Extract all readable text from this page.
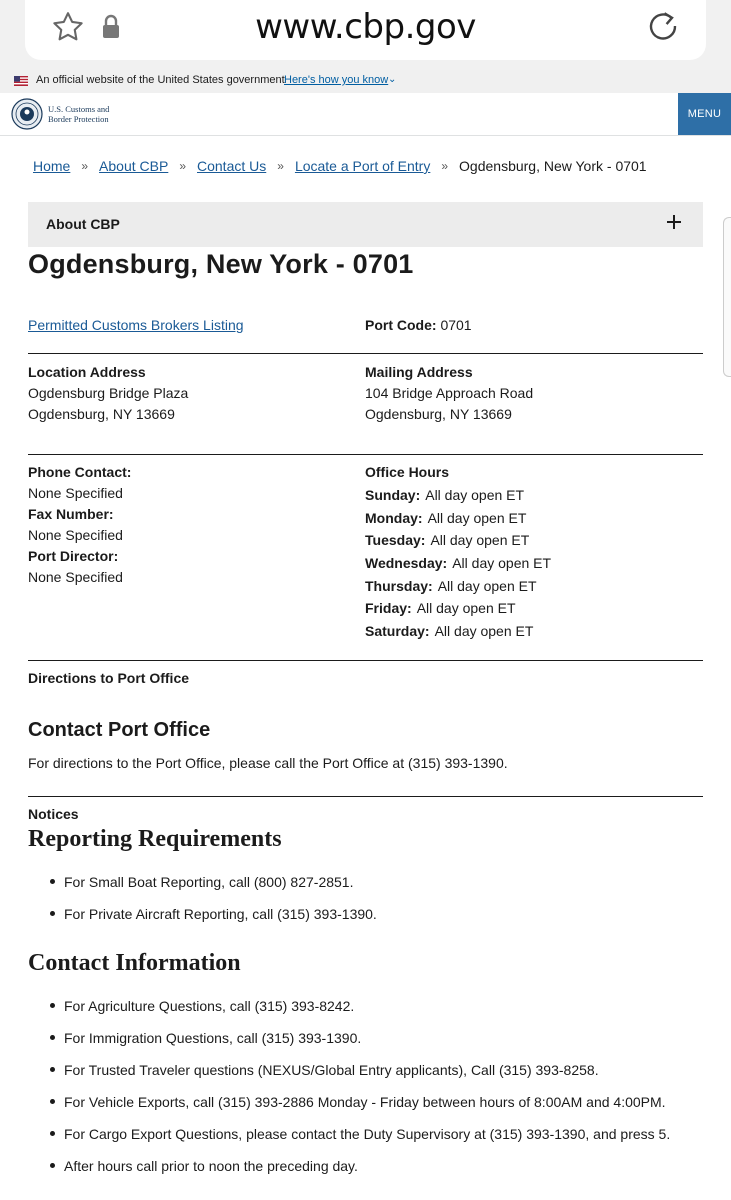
www.cbp.gov
An official website of the United States government Here's how you know ⌄
U.S. Customs and
Border Protection	MENU
Home » About CBP » Contact Us » Locate a Port of Entry » Ogdensburg, New York - 0701
About CBP
Ogdensburg, New York - 0701
Permitted Customs Brokers Listing	Port Code: 0701
Location Address
Ogdensburg Bridge Plaza
Ogdensburg, NY 13669
Mailing Address
104 Bridge Approach Road
Ogdensburg, NY 13669
Phone Contact:
None Specified
Fax Number:
None Specified
Port Director:
None Specified
Office Hours
Sunday: All day open ET
Monday: All day open ET
Tuesday: All day open ET
Wednesday: All day open ET
Thursday: All day open ET
Friday: All day open ET
Saturday: All day open ET
Directions to Port Office
Contact Port Office
For directions to the Port Office, please call the Port Office at (315) 393-1390.
Notices
Reporting Requirements
For Small Boat Reporting, call (800) 827-2851.
For Private Aircraft Reporting, call (315) 393-1390.
Contact Information
For Agriculture Questions, call (315) 393-8242.
For Immigration Questions, call (315) 393-1390.
For Trusted Traveler questions (NEXUS/Global Entry applicants), Call (315) 393-8258.
For Vehicle Exports, call (315) 393-2886 Monday - Friday between hours of 8:00AM and 4:00PM.
For Cargo Export Questions, please contact the Duty Supervisory at (315) 393-1390, and press 5.
After hours call prior to noon the preceding day.
